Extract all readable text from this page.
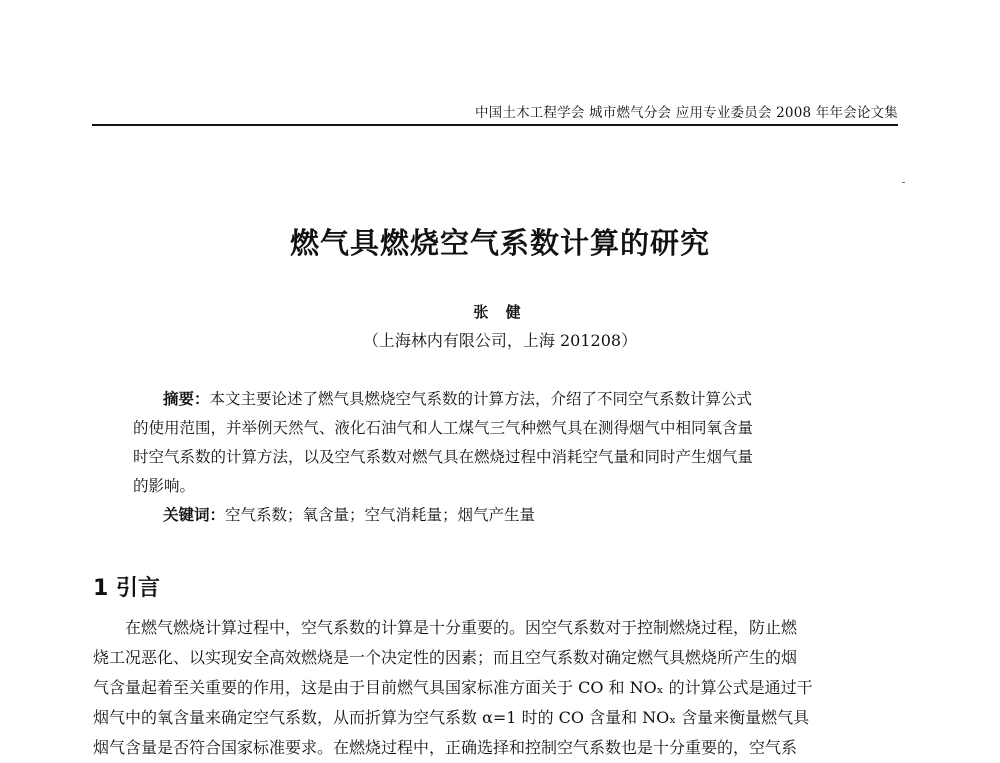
中国土木工程学会 城市燃气分会 应用专业委员会 2008 年年会论文集
燃气具燃烧空气系数计算的研究
张 健
（上海林内有限公司，上海 201208）
摘要：本文主要论述了燃气具燃烧空气系数的计算方法，介绍了不同空气系数计算公式
的使用范围，并举例天然气、液化石油气和人工煤气三气种燃气具在测得烟气中相同氧含量
时空气系数的计算方法，以及空气系数对燃气具在燃烧过程中消耗空气量和同时产生烟气量
的影响。
关键词：空气系数；氧含量；空气消耗量；烟气产生量
1 引言
在燃气燃烧计算过程中，空气系数的计算是十分重要的。因空气系数对于控制燃烧过程，防止燃
烧工况恶化、以实现安全高效燃烧是一个决定性的因素；而且空气系数对确定燃气具燃烧所产生的烟
气含量起着至关重要的作用，这是由于目前燃气具国家标准方面关于 CO 和 NOₓ 的计算公式是通过干
烟气中的氧含量来确定空气系数，从而折算为空气系数 α=1 时的 CO 含量和 NOₓ 含量来衡量燃气具
烟气含量是否符合国家标准要求。在燃烧过程中，正确选择和控制空气系数也是十分重要的，空气系
